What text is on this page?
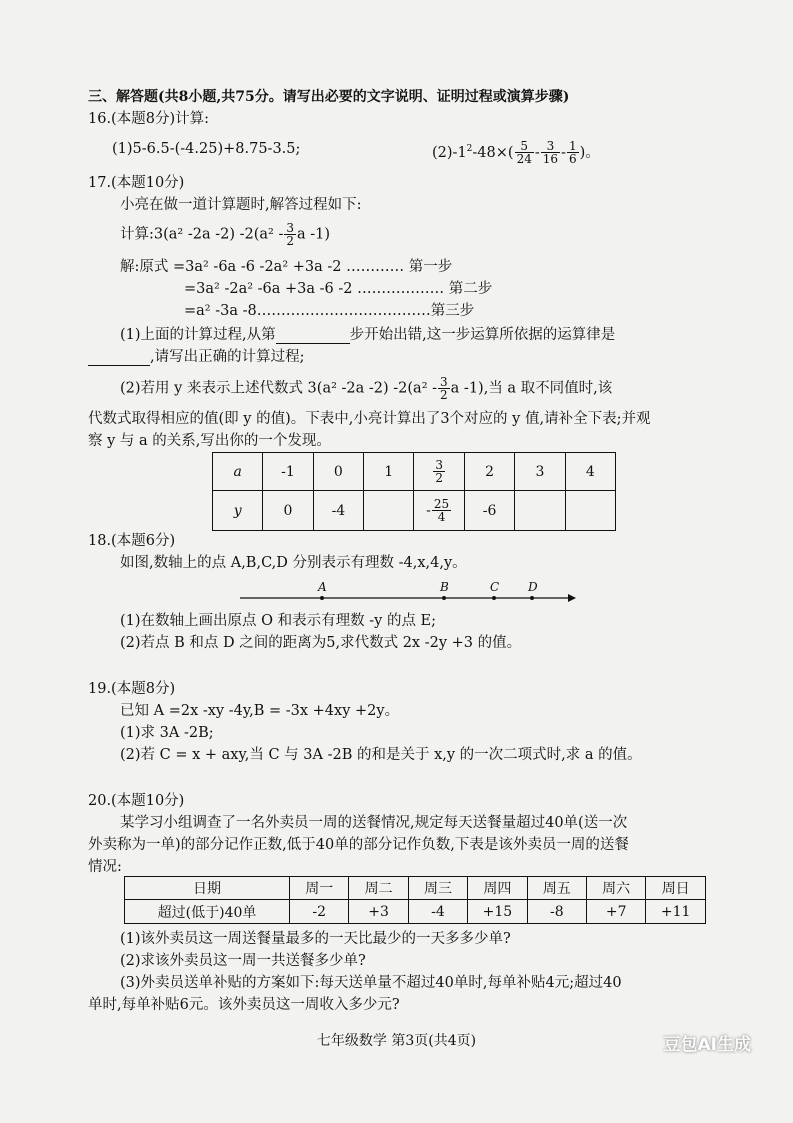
三、解答题(共8小题,共75分。请写出必要的文字说明、证明过程或演算步骤)
16.(本题8分)计算:
(1)5-6.5-(-4.25)+8.75-3.5;	$(2)-1^2-48\times( \frac{5}{24} - \frac{3}{16} - \frac{1}{6}$ )。
17.(本题10分)
小亮在做一道计算题时,解答过程如下:
计算:3(a² -2a -2) $-2(a^2 - \frac{3}{2}$ a -1)
解:原式 =3a² -6a -6 -2a² +3a -2 ………… 第一步
=3a² -2a² -6a +3a -6 -2 ……………… 第二步
=a² -3a -8………………………………第三步
(1)上面的计算过程,从第	步开始出错,这一步运算所依据的运算律是
,请写出正确的计算过程;
(2)若用 y 来表示上述代数式 3(a² -2a -2) $-2(a^2 - \frac{3}{2}$ a -1),当 a 取不同值时,该
代数式取得相应的值(即 y 的值)。下表中,小亮计算出了3个对应的 y 值,请补全下表;并观
察 y 与 a 的关系,写出你的一个发现。
a	-1	0	1	$\frac{3}{2}$	2	3	4
y	0	-4		- $\frac{25}{4}$	-6		
18.(本题6分)
如图,数轴上的点 A,B,C,D 分别表示有理数 -4,x,4,y。
A	B	C D
(1)在数轴上画出原点 O 和表示有理数 -y 的点 E;
(2)若点 B 和点 D 之间的距离为5,求代数式 2x -2y +3 的值。
19.(本题8分)
已知 A =2x -xy -4y,B = -3x +4xy +2y。
(1)求 3A -2B;
(2)若 C = x + axy,当 C 与 3A -2B 的和是关于 x,y 的一次二项式时,求 a 的值。
20.(本题10分)
某学习小组调查了一名外卖员一周的送餐情况,规定每天送餐量超过40单(送一次
外卖称为一单)的部分记作正数,低于40单的部分记作负数,下表是该外卖员一周的送餐
情况:
日期	周一	周二	周三	周四	周五	周六	周日
超过(低于)40单	-2	+3	-4	+15	-8	+7	+11
(1)该外卖员这一周送餐量最多的一天比最少的一天多多少单?
(2)求该外卖员这一周一共送餐多少单?
(3)外卖员送单补贴的方案如下:每天送单量不超过40单时,每单补贴4元;超过40
单时,每单补贴6元。该外卖员这一周收入多少元?
七年级数学 第3页(共4页)	豆包AI生成
